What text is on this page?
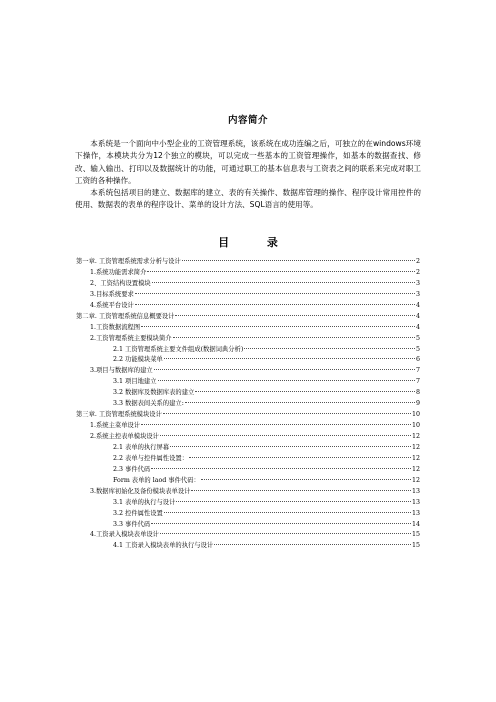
内容简介

本系统是一个面向中小型企业的工资管理系统，该系统在成功连编之后，可独立的在windows环境下操作，本模块共分为12个独立的模块，可以完成一些基本的工资管理操作，如基本的数据查找、修改、输入输出、打印以及数据统计的功能，可通过职工的基本信息表与工资表之间的联系来完成对职工工资的各种操作。

本系统包括项目的建立、数据库的建立、表的有关操作、数据库管理的操作、程序设计常用控件的使用、数据表的表单的程序设计、菜单的设计方法、SQL语言的使用等。

目	录
第一章. 工资管理系统需求分析与设计	2
1.系统功能需求简介	2
2、工资结构设置模块	3
3.目标系统要求	3
4.系统平台设计	4
第二章. 工资管理系统信息概要设计	4
1.工资数据流程图	4
2.工资管理系统主要模块简介	5
2.1 工资管理系统主要文件组成(数据词典分析)	5
2.2 功能模块菜单	6
3.项目与数据库的建立	7
3.1 项目地建立	7
3.2 数据库及数据库表的建立	8
3.3 数据表间关系的建立:	9
第三章. 工资管理系统模块设计	10
1.系统主菜单设计	10
2.系统主控表单模块设计	12
2.1 表单的执行屏幕	12
2.2 表单与控件属性设置：	12
2.3 事件代码	12
Form 表单的 laod 事件代码：	12
3.数据库初始化及备份模块表单设计	13
3.1 表单的执行与设计	13
3.2 控件属性设置	13
3.3 事件代码	14
4.工资录入模块表单设计	15
4.1 工资录入模块表单的执行与设计	15
